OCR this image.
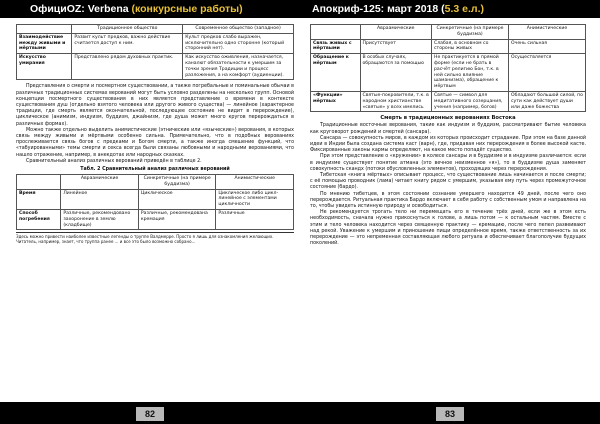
ОфициOZ: Verbena (конкурсные работы)
	Традиционное общество	Современное общество (западное)
Взаимодействие между живыми и мёртвыми	Развит культ предков, важно действие считается доступ к ним.	Культ предков слабо выражен, исключительно одно сторонне (который сторонний нет).
Искусство умирания	Представлено рядом духовных практик.	Как искусство оживления, назначается, каналют обязательности к умершим за точки зрения Традиции и процесс разложения, а на комфорт (аудиенции).

Представления о смерти и посмертном существовании, а также погребальные и поминальные обычаи в различных традиционных системах верований могут быть условно разделены на несколько групп. Основой концепции посмертного существования в них является представление о времени в контексте существования душ (отдельно взятого человека или другого живого существа) — линейное (характерное традиции, где смерть является окончательной, последующее состояние не видит в перерождение), циклическое (анимизм, индуизм, буддизм, джайнизм, где душа может много кругов перерождаться в различных формах).

Можно также отдельно выделить анимистические (этнические или «языческие») верования, в которых связь между живыми и мёртвыми особенно сильна. Примечательно, что в подобных верованиях прослеживается связь богов с предками и Богом смерти, а также иногда смешение функций, что «табуированными» темы смерти и секса всегда были связаны любовными и народными верованиями, что нашло отражение, например, в анекдотах или народных сказках.

Сравнительный анализ различных верований приведён в таблице 2.

Табл. 2 Сравнительный анализ различных верований
	Авраамические	Синкретичные (на примере буддизма)	Анимистические
Время	Линейное	Циклическое	Циклическое либо цикл-линейное с элементами цикличности
Способ погребения	Различные, рекомендовано захоронение в землю (кладбище)	Различные, рекомендована кремация	Различные
Здесь можно привести наиболее известные легенды о труппе Валдмерре. Просто я лишь для ознакомления желающих. Читатель, например, знает, что труппа ранее ... и все это было возможно собрано...
82
Апокриф-125: март 2018 (5.3 е.л.)
	Авраамические	Синкретичные (на примере буддизма)	Анимистические
Связь живых с мёртвыми	Присутствует	Слабая, в основном со стороны живых	Очень сильная
Обращение к мёртвым	В особых случаях, обращаются за помощью	Не практикуется в прямой форме (если не брать в расчёт религию Бон, т.к. в ней сильно влияние шаманизма), обращение к мёртвым	Осуществляется
«Функции» мёртвых	Святые-покровители, т.к. в народном христианстве «святые» у всех имелись	Святые — символ для медитативного созерцания, учения (например, богов)	Обладают большой силой, по сути как действует души или даже божества
Смерть в традиционных верованиях Востока

Традиционные восточные верования, такие как индуизм и буддизм, рассматривают бытие человека как круговорот рождений и смертей (сансара).

Сансара — совокупность миров, в каждом из которых происходит страдание. При этом на базе данной идеи в Индии была создана система каст (варн), где, придавая них перерождения в более высокой касте. Фиксированные законы кармы определяют, на какое место попадёт существо.

При этом представление о «кружении» в колесе сансары и в буддизме и в индуизме различается: если в индуизме существует понятие атмана (это вечное неизменное «я»), то в буддизме душа заменяет совокупность скандх (потоки обусловленных элементов), проходящих через перерождения.

Тибетская «книга мёртвых» описывает процесс, что существование лишь начинается и после смерти; с её помощью проводник (лама) читает книгу рядом с умершим, указывая ему путь через промежуточное состояние (бардо).

По мнению тибетцев, в этом состоянии сознание умершего находится 49 дней, после чего оно перерождается. Ритуальная практика Бардо включает в себя работу с собственным умом и направлена на то, чтобы увидеть истинную природу и освободиться.

Не рекомендуется трогать тело ни перемещать его в течение трёх дней, если же в этом есть необходимость, сначала нужно прикоснуться к голове, а лишь потом — к остальным частям. Вместе с этим и тело человека находится через священную практику — кремацию, после чего пепел развеивают над рекой. Уважение к умершим и приношение пищи определённое время, также ответственность за их перерождение — это непременная составляющая любого ритуала и обеспечивает благополучие будущих поколений.

83
